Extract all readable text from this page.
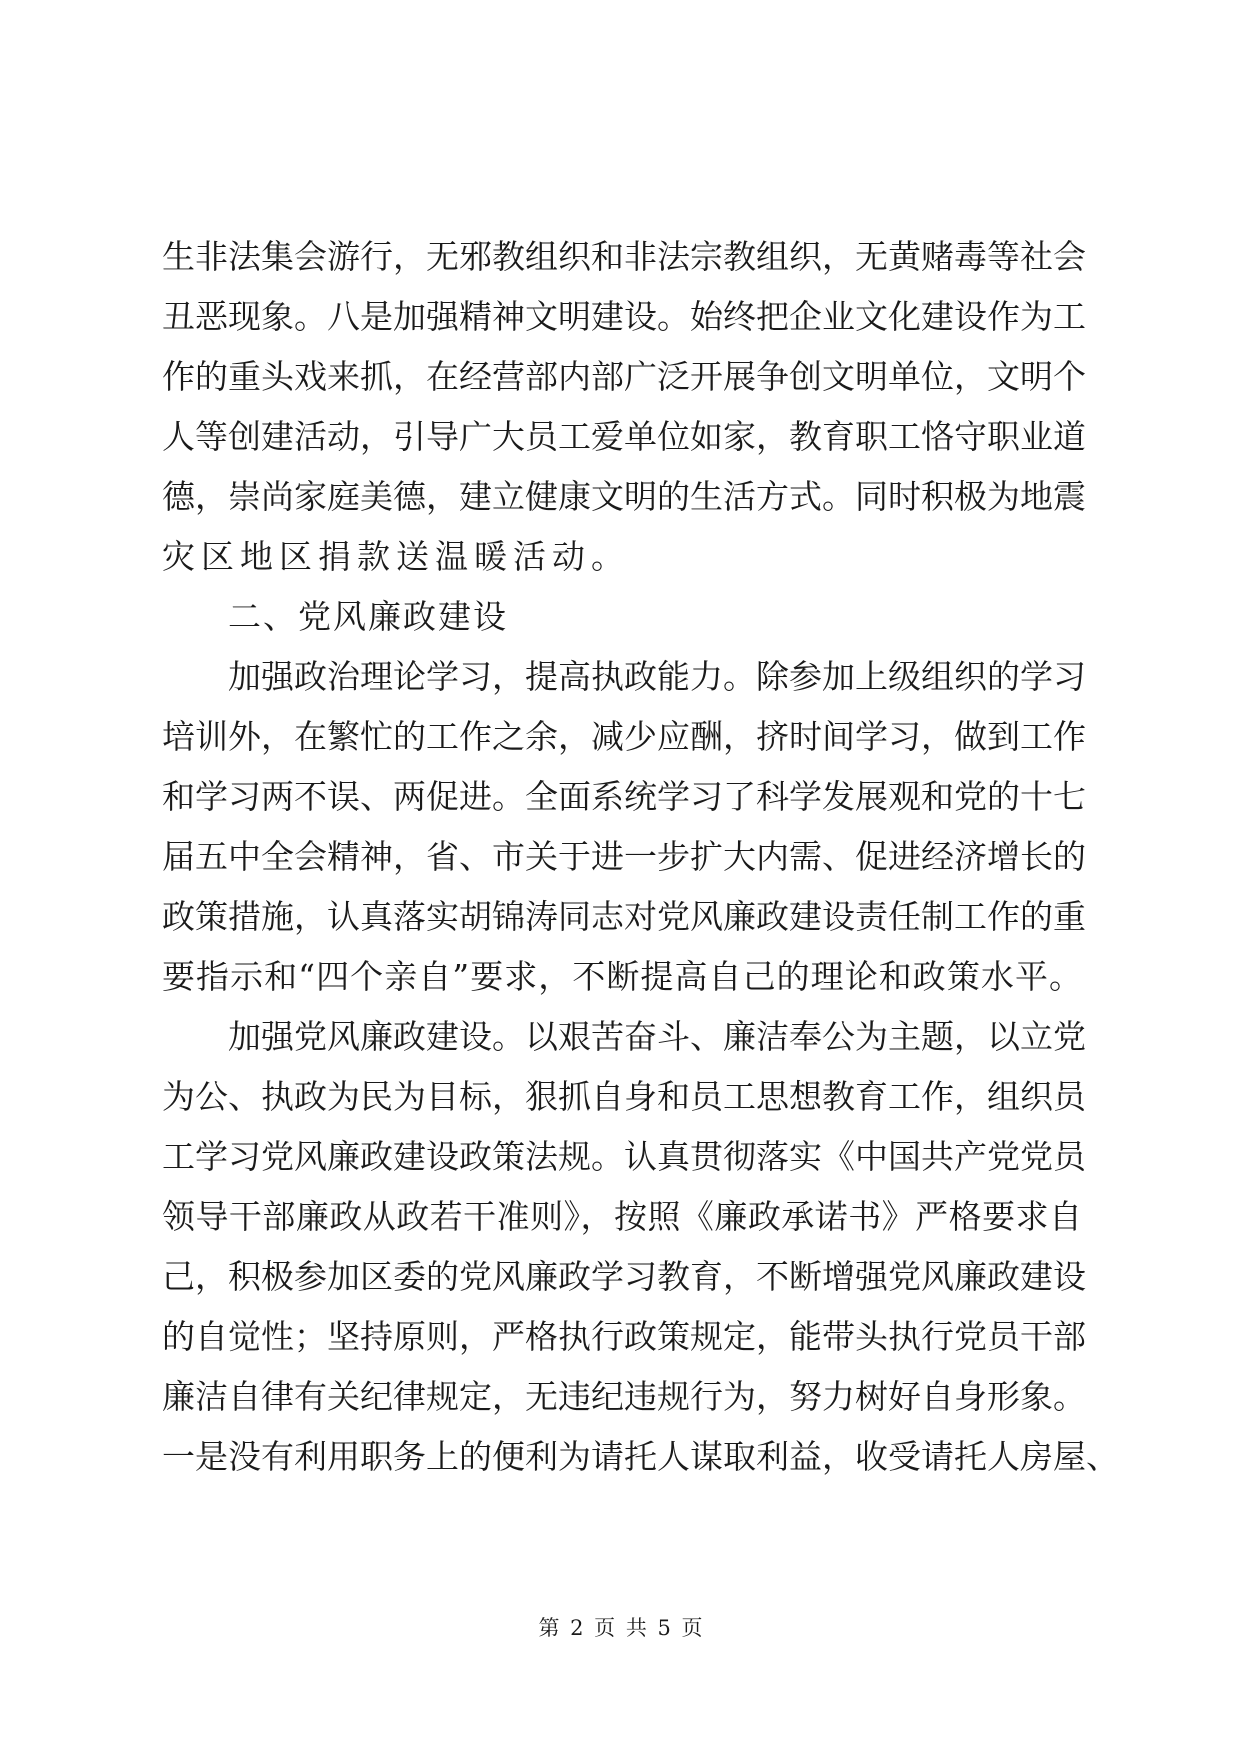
生非法集会游行，无邪教组织和非法宗教组织，无黄赌毒等社会
丑恶现象。八是加强精神文明建设。始终把企业文化建设作为工
作的重头戏来抓，在经营部内部广泛开展争创文明单位，文明个
人等创建活动，引导广大员工爱单位如家，教育职工恪守职业道
德，崇尚家庭美德，建立健康文明的生活方式。同时积极为地震
灾区地区捐款送温暖活动。
二、党风廉政建设
加强政治理论学习，提高执政能力。除参加上级组织的学习
培训外，在繁忙的工作之余，减少应酬，挤时间学习，做到工作
和学习两不误、两促进。全面系统学习了科学发展观和党的十七
届五中全会精神，省、市关于进一步扩大内需、促进经济增长的
政策措施，认真落实胡锦涛同志对党风廉政建设责任制工作的重
要指示和“四个亲自”要求，不断提高自己的理论和政策水平。
加强党风廉政建设。以艰苦奋斗、廉洁奉公为主题，以立党
为公、执政为民为目标，狠抓自身和员工思想教育工作，组织员
工学习党风廉政建设政策法规。认真贯彻落实《中国共产党党员
领导干部廉政从政若干准则》，按照《廉政承诺书》严格要求自
己，积极参加区委的党风廉政学习教育，不断增强党风廉政建设
的自觉性；坚持原则，严格执行政策规定，能带头执行党员干部
廉洁自律有关纪律规定，无违纪违规行为，努力树好自身形象。
一是没有利用职务上的便利为请托人谋取利益，收受请托人房屋、
第 2 页 共 5 页
